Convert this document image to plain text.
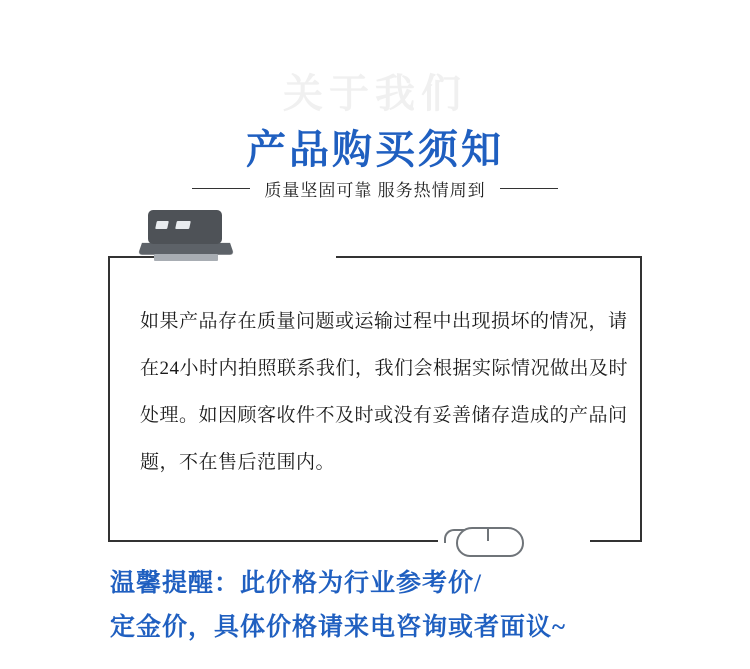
关于我们
产品购买须知
质量坚固可靠 服务热情周到
如果产品存在质量问题或运输过程中出现损坏的情况，请在24小时内拍照联系我们，我们会根据实际情况做出及时处理。如因顾客收件不及时或没有妥善储存造成的产品问题，不在售后范围内。
温馨提醒：此价格为行业参考价/
定金价，具体价格请来电咨询或者面议~
